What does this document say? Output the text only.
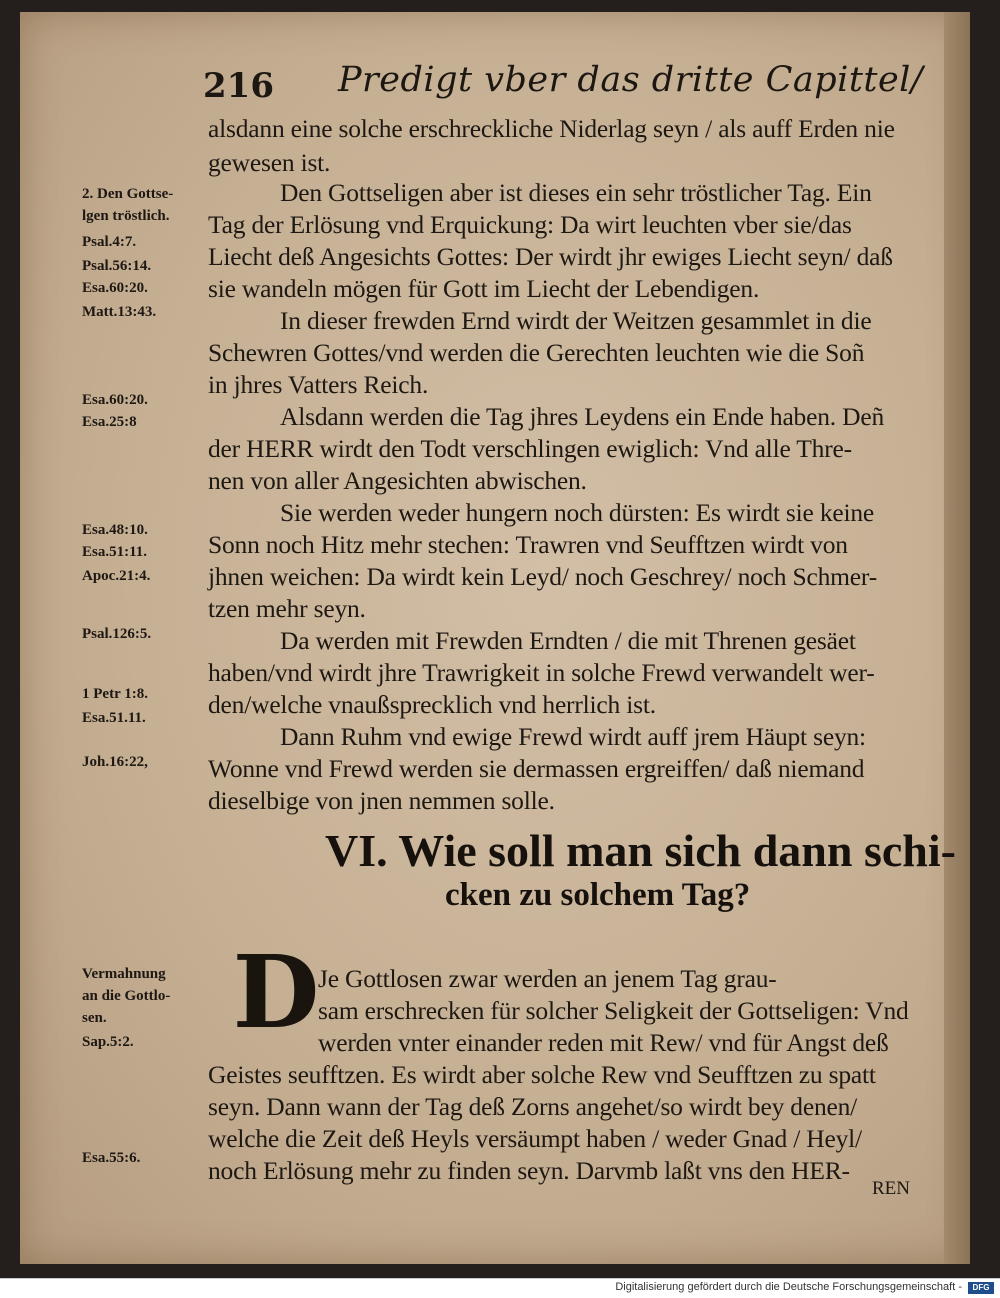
216 Predigt vber das dritte Capittel/
alsdann eine solche erschreckliche Niderlag seyn / als auff Erden nie
gewesen ist.
Den Gottseligen aber ist dieses ein sehr tröstlicher Tag. Ein
Tag der Erlösung vnd Erquickung: Da wirt leuchten vber sie/das
Liecht deß Angesichts Gottes: Der wirdt jhr ewiges Liecht seyn/ daß
sie wandeln mögen für Gott im Liecht der Lebendigen.
In dieser frewden Ernd wirdt der Weitzen gesammlet in die
Schewren Gottes/vnd werden die Gerechten leuchten wie die Soñ
in jhres Vatters Reich.
Alsdann werden die Tag jhres Leydens ein Ende haben. Deñ
der HERR wirdt den Todt verschlingen ewiglich: Vnd alle Thre-
nen von aller Angesichten abwischen.
Sie werden weder hungern noch dürsten: Es wirdt sie keine
Sonn noch Hitz mehr stechen: Trawren vnd Seufftzen wirdt von
jhnen weichen: Da wirdt kein Leyd/ noch Geschrey/ noch Schmer-
tzen mehr seyn.
Da werden mit Frewden Erndten / die mit Threnen gesäet
haben/vnd wirdt jhre Trawrigkeit in solche Frewd verwandelt wer-
den/welche vnaußsprecklich vnd herrlich ist.
Dann Ruhm vnd ewige Frewd wirdt auff jrem Häupt seyn:
Wonne vnd Frewd werden sie dermassen ergreiffen/ daß niemand
dieselbige von jnen nemmen solle.
VI. Wie soll man sich dann schi-
cken zu solchem Tag?
D
Je Gottlosen zwar werden an jenem Tag grau-
sam erschrecken für solcher Seligkeit der Gottseligen: Vnd
werden vnter einander reden mit Rew/ vnd für Angst deß
Geistes seufftzen. Es wirdt aber solche Rew vnd Seufftzen zu spatt
seyn. Dann wann der Tag deß Zorns angehet/so wirdt bey denen/
welche die Zeit deß Heyls versäumpt haben / weder Gnad / Heyl/
noch Erlösung mehr zu finden seyn. Darvmb laßt vns den HER-
REN
2. Den Gottse-
lgen tröstlich.
Psal.4:7.
Psal.56:14.
Esa.60:20.
Matt.13:43.
Esa.60:20.
Esa.25:8
Esa.48:10.
Esa.51:11.
Apoc.21:4.
Psal.126:5.
1 Petr 1:8.
Esa.51.11.
Joh.16:22,
Vermahnung
an die Gottlo-
sen.
Sap.5:2.
Esa.55:6.
Digitalisierung gefördert durch die Deutsche Forschungsgemeinschaft -	DFG
